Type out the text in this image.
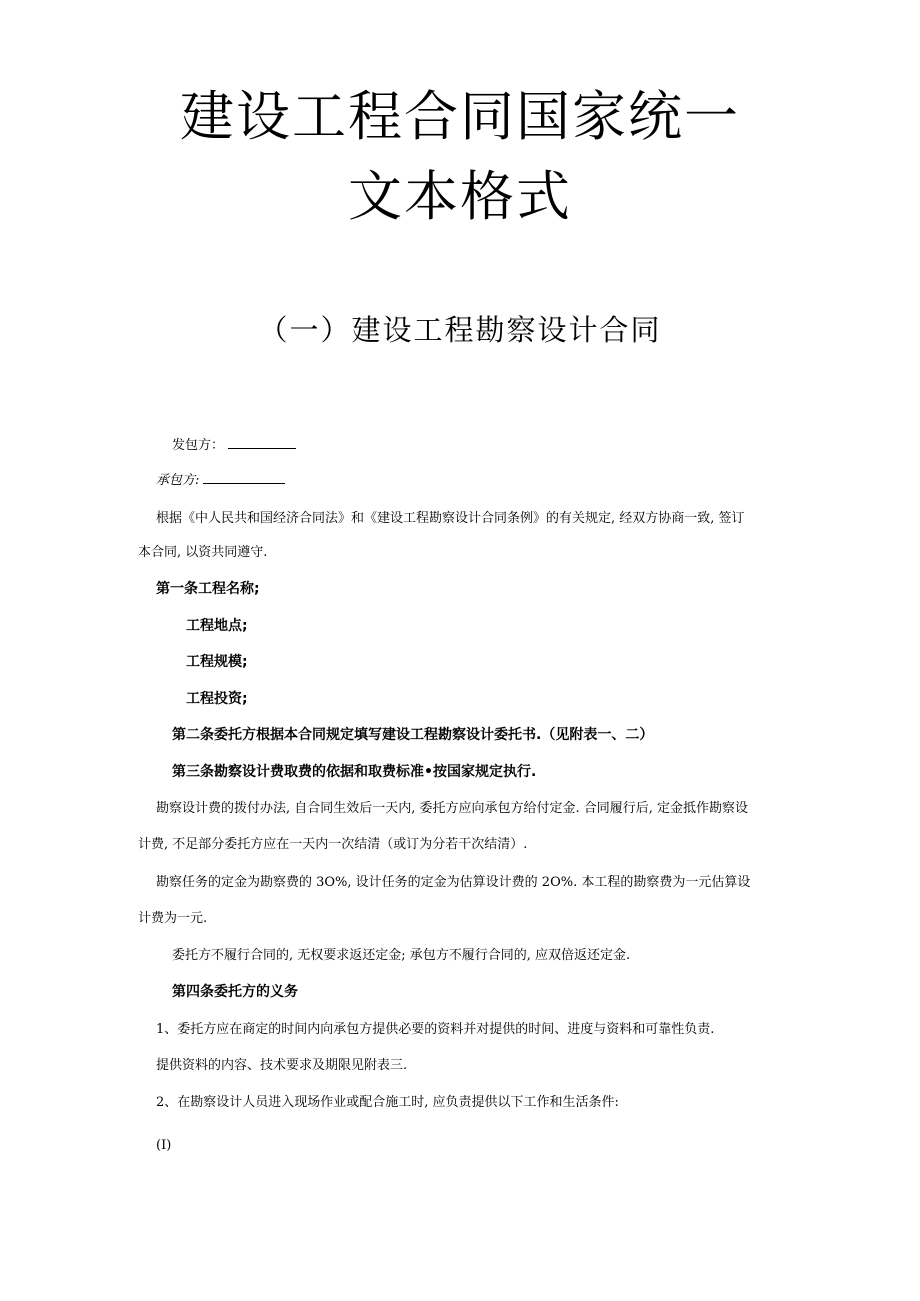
建设工程合同国家统一
文本格式
（一）建设工程勘察设计合同
发包方：
承包方:
根据《中人民共和国经济合同法》和《建设工程勘察设计合同条例》的有关规定, 经双方协商一致, 签订
本合同, 以资共同遵守.
第一条工程名称;
工程地点;
工程规模;
工程投资;
第二条委托方根据本合同规定填写建设工程勘察设计委托书.（见附表一、二）
第三条勘察设计费取费的依据和取费标准•按国家规定执行.
勘察设计费的拨付办法, 自合同生效后一天内, 委托方应向承包方给付定金. 合同履行后, 定金抵作勘察设
计费, 不足部分委托方应在一天内一次结清（或订为分若干次结清）.
勘察任务的定金为勘察费的 3O%, 设计任务的定金为估算设计费的 2O%. 本工程的勘察费为一元估算设
计费为一元.
委托方不履行合同的, 无权要求返还定金; 承包方不履行合同的, 应双倍返还定金.
第四条委托方的义务
1、委托方应在商定的时间内向承包方提供必要的资料并对提供的时间、进度与资料和可靠性负责.
提供资料的内容、技术要求及期限见附表三.
2、在勘察设计人员进入现场作业或配合施工时, 应负责提供以下工作和生活条件:
(I)
